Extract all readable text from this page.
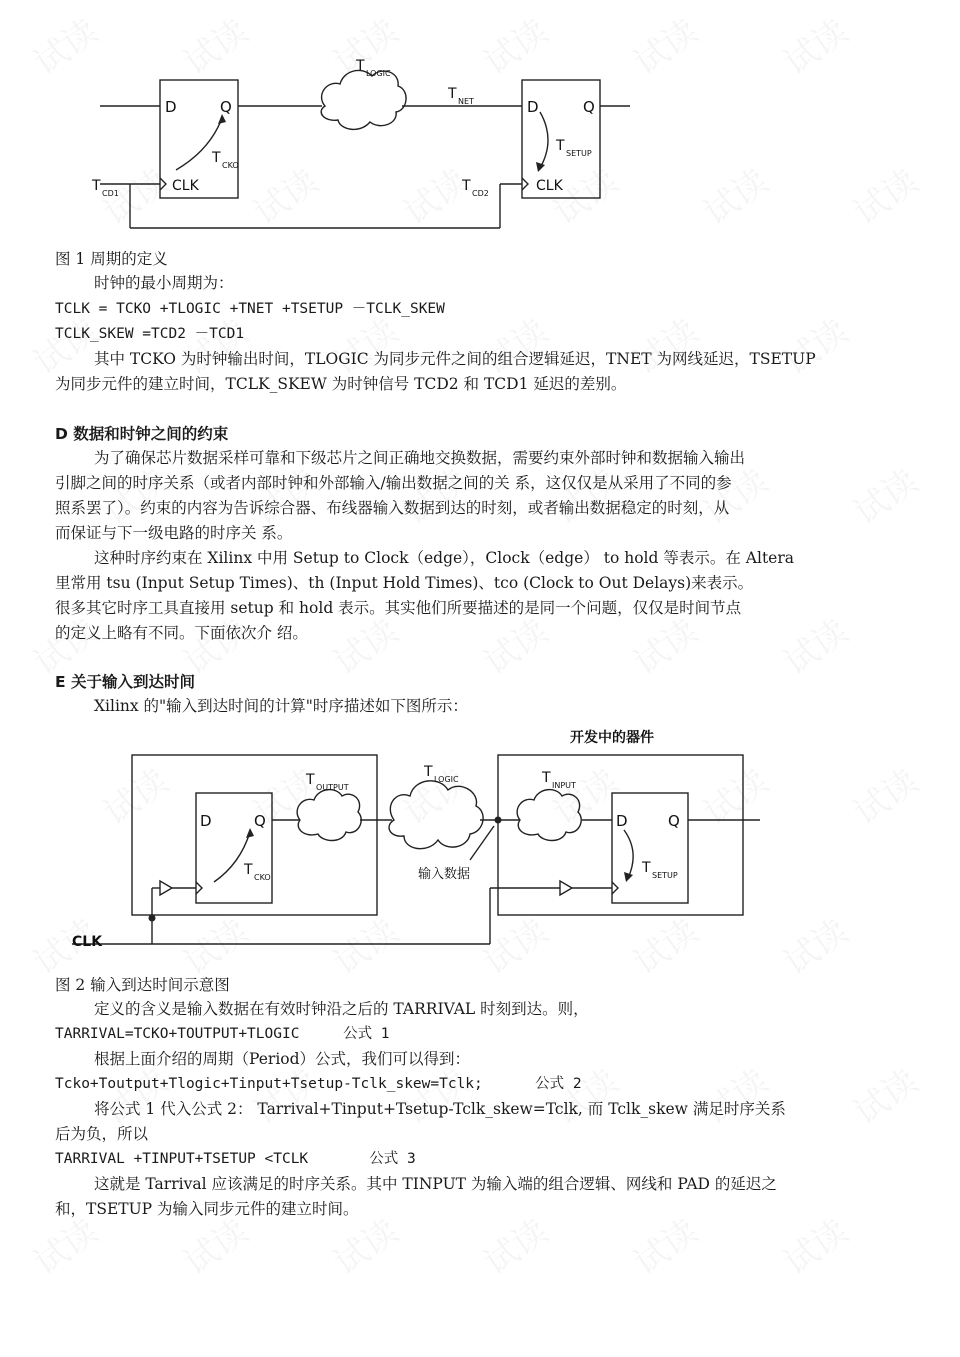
D	Q
CLK
T CKO
T LOGIC
T NET	D	Q
CLK
T SETUP
T CD1	T CD2
图 1 周期的定义
时钟的最小周期为：
TCLK = TCKO +TLOGIC +TNET +TSETUP －TCLK_SKEW
TCLK_SKEW =TCD2 －TCD1
其中 TCKO 为时钟输出时间，TLOGIC 为同步元件之间的组合逻辑延迟，TNET 为网线延迟，TSETUP
为同步元件的建立时间，TCLK_SKEW 为时钟信号 TCD2 和 TCD1 延迟的差别。
D 数据和时钟之间的约束
为了确保芯片数据采样可靠和下级芯片之间正确地交换数据，需要约束外部时钟和数据输入输出
引脚之间的时序关系（或者内部时钟和外部输入/输出数据之间的关 系，这仅仅是从采用了不同的参
照系罢了）。约束的内容为告诉综合器、布线器输入数据到达的时刻，或者输出数据稳定的时刻，从
而保证与下一级电路的时序关 系。
这种时序约束在 Xilinx 中用 Setup to Clock（edge），Clock（edge） to hold 等表示。在 Altera
里常用 tsu (Input Setup Times)、th (Input Hold Times)、tco (Clock to Out Delays)来表示。
很多其它时序工具直接用 setup 和 hold 表示。其实他们所要描述的是同一个问题，仅仅是时间节点
的定义上略有不同。下面依次介 绍。
E 关于输入到达时间
Xilinx 的"输入到达时间的计算"时序描述如下图所示：
开发中的器件
D	Q
T CKO
T OUTPUT
T LOGIC	T INPUT
D	Q
T SETUP
输入数据
CLK
图 2 输入到达时间示意图
定义的含义是输入数据在有效时钟沿之后的 TARRIVAL 时刻到达。则，
TARRIVAL=TCKO+TOUTPUT+TLOGIC     公式 1
根据上面介绍的周期（Period）公式，我们可以得到：
Tcko+Toutput+Tlogic+Tinput+Tsetup-Tclk_skew=Tclk;      公式 2
将公式 1 代入公式 2： Tarrival+Tinput+Tsetup-Tclk_skew=Tclk, 而 Tclk_skew 满足时序关系
后为负，所以
TARRIVAL +TINPUT+TSETUP <TCLK       公式 3
这就是 Tarrival 应该满足的时序关系。其中 TINPUT 为输入端的组合逻辑、网线和 PAD 的延迟之
和，TSETUP 为输入同步元件的建立时间。
